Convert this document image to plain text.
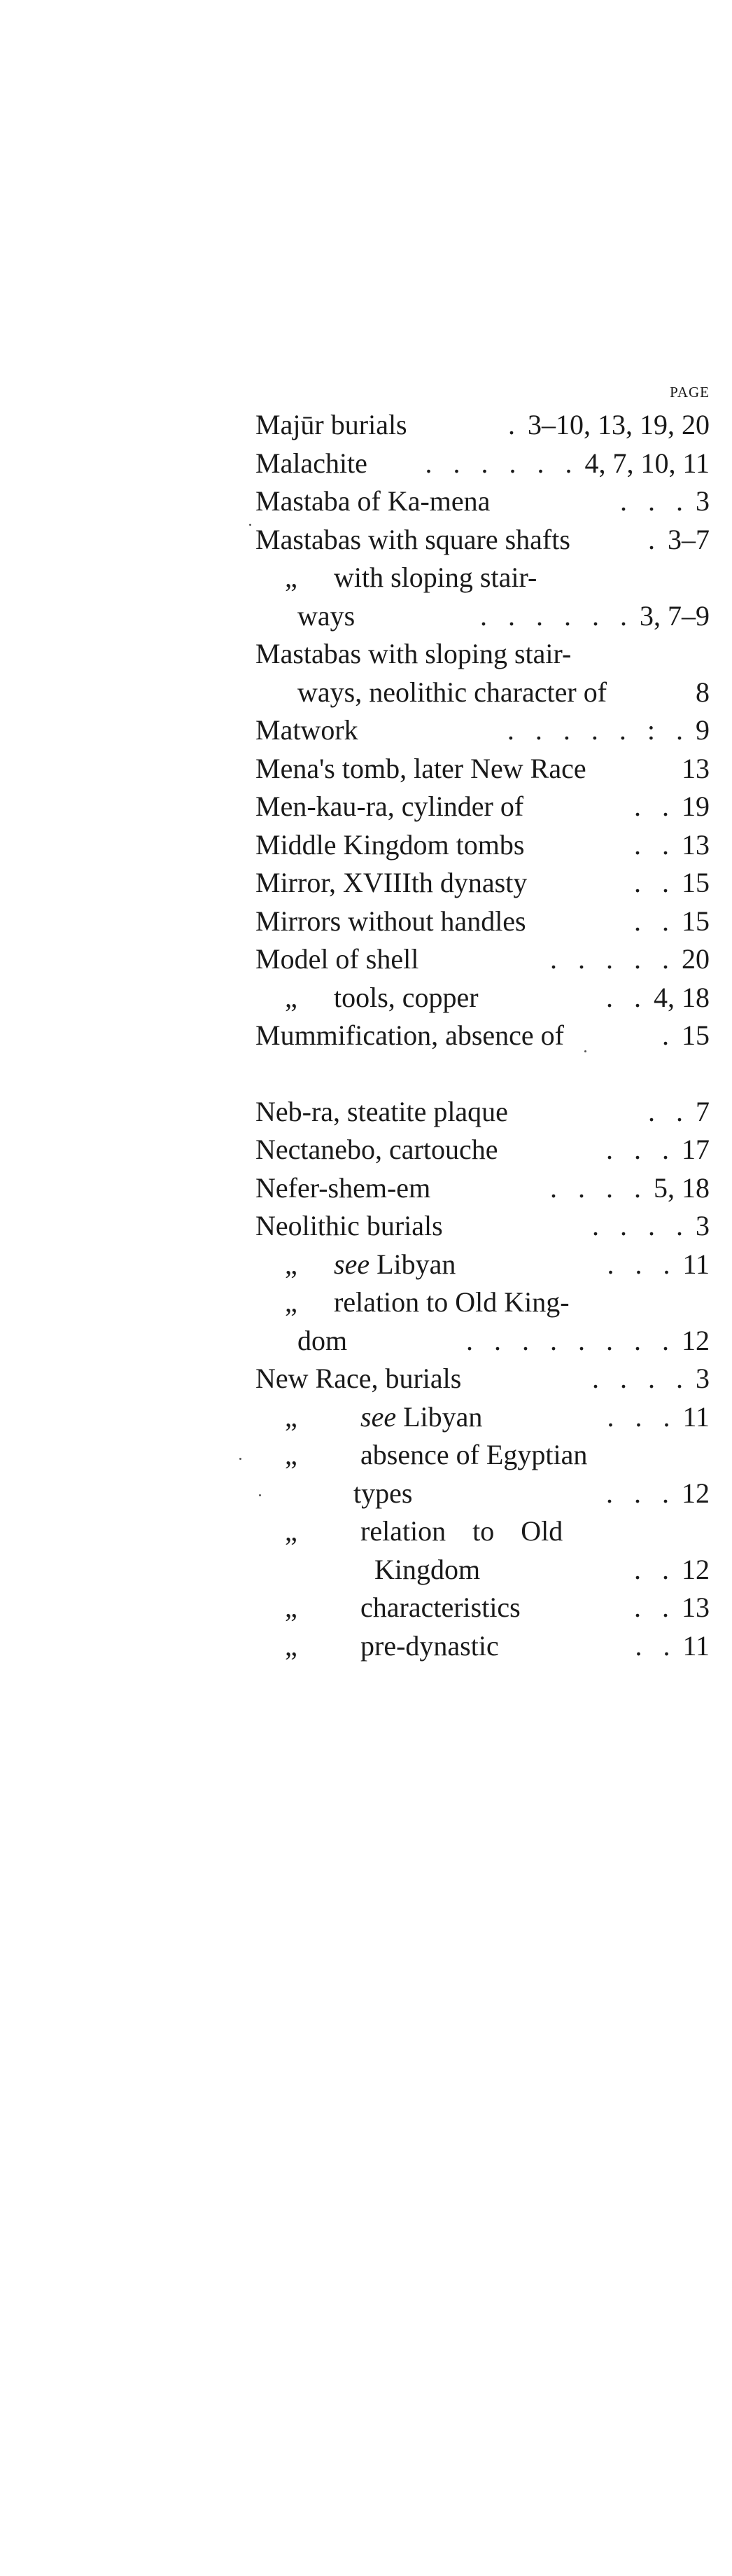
PAGE
Majūr burials	. 3–10, 13, 19, 20
Malachite	. . . . . . 4, 7, 10, 11
Mastaba of Ka-mena	. . . 3
Mastabas with square shafts	. 3–7
„	with sloping stair-
ways	. . . . . . 3, 7–9
Mastabas with sloping stair-
ways, neolithic character of	8
Matwork	. . . . . : . 9
Mena's tomb, later New Race	13
Men-kau-ra, cylinder of	. . 19
Middle Kingdom tombs	. . 13
Mirror, XVIIIth dynasty	. . 15
Mirrors without handles	. . 15
Model of shell	. . . . . 20
„	tools, copper	. . 4, 18
Mummification, absence of	. 15
Neb-ra, steatite plaque	. . 7
Nectanebo, cartouche	. . . 17
Nefer-shem-em	. . . . 5, 18
Neolithic burials	. . . . 3
„	see Libyan	. . . 11
„	relation to Old King-
dom	. . . . . . . . 12
New Race, burials	. . . . 3
„	see Libyan	. . . 11
„	absence of Egyptian
types	. . . 12
„	relation to Old
Kingdom	. . 12
„	characteristics	. . 13
„	pre-dynastic	. . 11
